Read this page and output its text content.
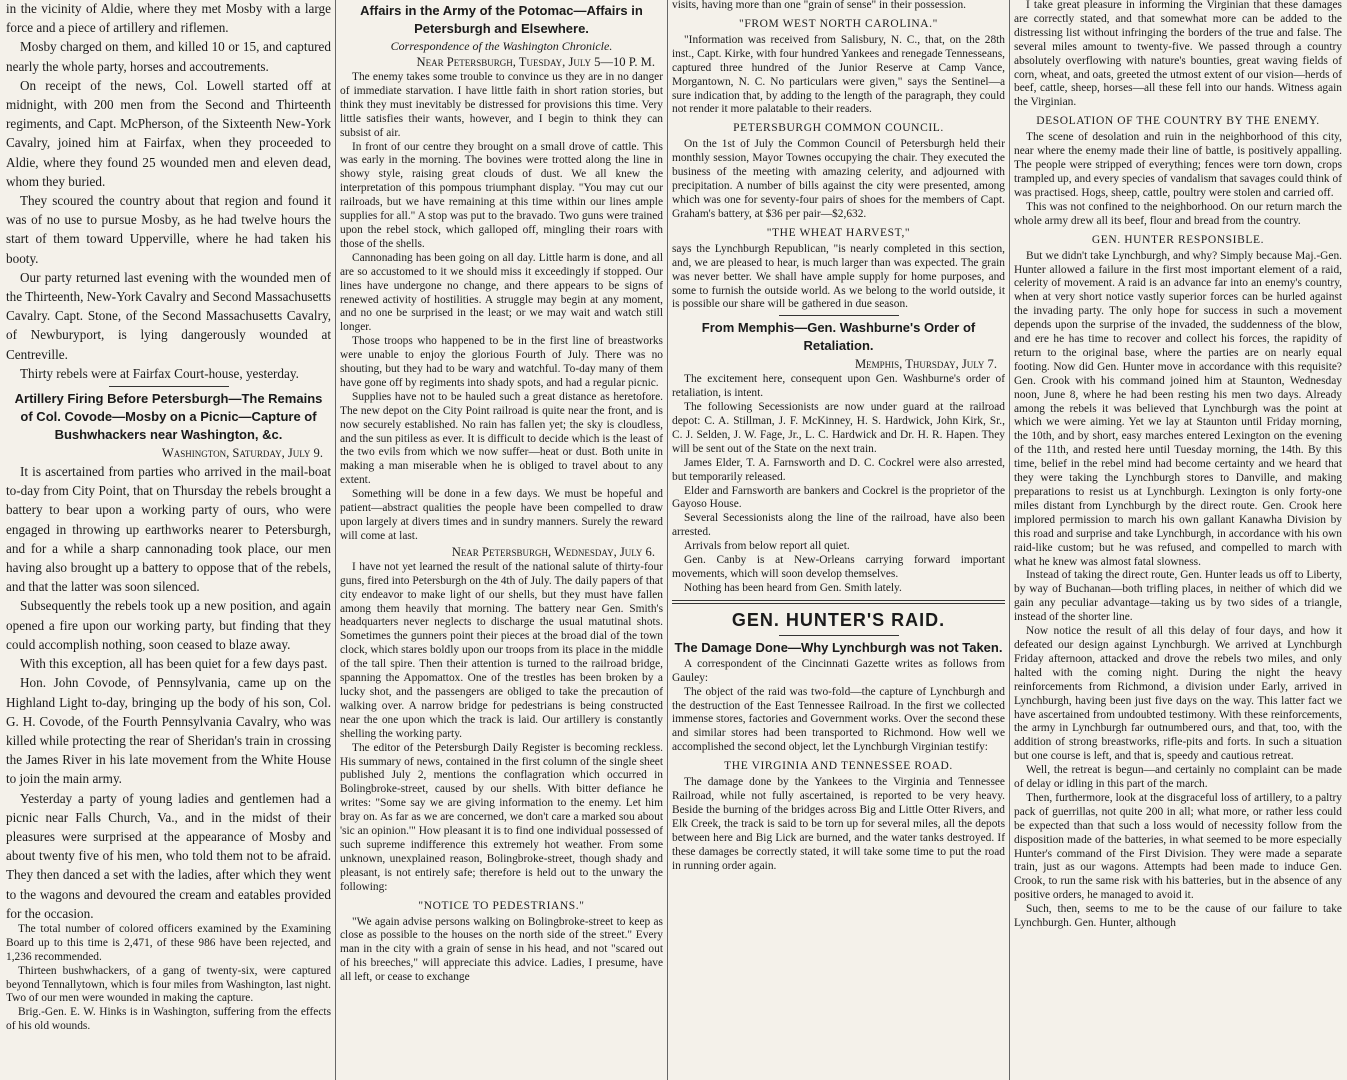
in the vicinity of Aldie, where they met Mosby with a large force and a piece of artillery and riflemen.

Mosby charged on them, and killed 10 or 15, and captured nearly the whole party, horses and accoutrements.

On receipt of the news, Col. Lowell started off at midnight, with 200 men from the Second and Thirteenth regiments, and Capt. McPherson, of the Sixteenth New-York Cavalry, joined him at Fairfax, when they proceeded to Aldie, where they found 25 wounded men and eleven dead, whom they buried.

They scoured the country about that region and found it was of no use to pursue Mosby, as he had twelve hours the start of them toward Upperville, where he had taken his booty.

Our party returned last evening with the wounded men of the Thirteenth, New-York Cavalry and Second Massachusetts Cavalry. Capt. Stone, of the Second Massachusetts Cavalry, of Newburyport, is lying dangerously wounded at Centreville.

Thirty rebels were at Fairfax Court-house, yesterday.

Artillery Firing Before Petersburgh—The Remains of Col. Covode—Mosby on a Picnic—Capture of Bushwhackers near Washington, &c.
Washington, Saturday, July 9.

It is ascertained from parties who arrived in the mail-boat to-day from City Point, that on Thursday the rebels brought a battery to bear upon a working party of ours, who were engaged in throwing up earthworks nearer to Petersburgh, and for a while a sharp cannonading took place, our men having also brought up a battery to oppose that of the rebels, and that the latter was soon silenced.

Subsequently the rebels took up a new position, and again opened a fire upon our working party, but finding that they could accomplish nothing, soon ceased to blaze away.

With this exception, all has been quiet for a few days past.

Hon. John Covode, of Pennsylvania, came up on the Highland Light to-day, bringing up the body of his son, Col. G. H. Covode, of the Fourth Pennsylvania Cavalry, who was killed while protecting the rear of Sheridan's train in crossing the James River in his late movement from the White House to join the main army.

Yesterday a party of young ladies and gentlemen had a picnic near Falls Church, Va., and in the midst of their pleasures were surprised at the appearance of Mosby and about twenty five of his men, who told them not to be afraid. They then danced a set with the ladies, after which they went to the wagons and devoured the cream and eatables provided for the occasion.

The total number of colored officers examined by the Examining Board up to this time is 2,471, of these 986 have been rejected, and 1,236 recommended.

Thirteen bushwhackers, of a gang of twenty-six, were captured beyond Tennallytown, which is four miles from Washington, last night. Two of our men were wounded in making the capture.

Brig.-Gen. E. W. Hinks is in Washington, suffering from the effects of his old wounds.

Affairs in the Army of the Potomac—Affairs in Petersburgh and Elsewhere.
Correspondence of the Washington Chronicle.
Near Petersburgh, Tuesday, July 5—10 P. M.

The enemy takes some trouble to convince us they are in no danger of immediate starvation. I have little faith in short ration stories, but think they must inevitably be distressed for provisions this time. Very little satisfies their wants, however, and I begin to think they can subsist of air.

In front of our centre they brought on a small drove of cattle. This was early in the morning. The bovines were trotted along the line in showy style, raising great clouds of dust. We all knew the interpretation of this pompous triumphant display. "You may cut our railroads, but we have remaining at this time within our lines ample supplies for all." A stop was put to the bravado. Two guns were trained upon the rebel stock, which galloped off, mingling their roars with those of the shells.

Cannonading has been going on all day. Little harm is done, and all are so accustomed to it we should miss it exceedingly if stopped. Our lines have undergone no change, and there appears to be signs of renewed activity of hostilities. A struggle may begin at any moment, and no one be surprised in the least; or we may wait and watch still longer.

Those troops who happened to be in the first line of breastworks were unable to enjoy the glorious Fourth of July. There was no shouting, but they had to be wary and watchful. To-day many of them have gone off by regiments into shady spots, and had a regular picnic.

Supplies have not to be hauled such a great distance as heretofore. The new depot on the City Point railroad is quite near the front, and is now securely established. No rain has fallen yet; the sky is cloudless, and the sun pitiless as ever. It is difficult to decide which is the least of the two evils from which we now suffer—heat or dust. Both unite in making a man miserable when he is obliged to travel about to any extent.

Something will be done in a few days. We must be hopeful and patient—abstract qualities the people have been compelled to draw upon largely at divers times and in sundry manners. Surely the reward will come at last.

Near Petersburgh, Wednesday, July 6.

I have not yet learned the result of the national salute of thirty-four guns, fired into Petersburgh on the 4th of July. The daily papers of that city endeavor to make light of our shells, but they must have fallen among them heavily that morning. The battery near Gen. Smith's headquarters never neglects to discharge the usual matutinal shots. Sometimes the gunners point their pieces at the broad dial of the town clock, which stares boldly upon our troops from its place in the middle of the tall spire. Then their attention is turned to the railroad bridge, spanning the Appomattox. One of the trestles has been broken by a lucky shot, and the passengers are obliged to take the precaution of walking over. A narrow bridge for pedestrians is being constructed near the one upon which the track is laid. Our artillery is constantly shelling the working party.

The editor of the Petersburgh Daily Register is becoming reckless. His summary of news, contained in the first column of the single sheet published July 2, mentions the conflagration which occurred in Bolingbroke-street, caused by our shells. With bitter defiance he writes: "Some say we are giving information to the enemy. Let him bray on. As far as we are concerned, we don't care a marked sou about 'sic an opinion.'" How pleasant it is to find one individual possessed of such supreme indifference this extremely hot weather. From some unknown, unexplained reason, Bolingbroke-street, though shady and pleasant, is not entirely safe; therefore is held out to the unwary the following:

"NOTICE TO PEDESTRIANS."

"We again advise persons walking on Bolingbroke-street to keep as close as possible to the houses on the north side of the street." Every man in the city with a grain of sense in his head, and not "scared out of his breeches," will appreciate this advice. Ladies, I presume, have all left, or cease to exchange

visits, having more than one "grain of sense" in their possession.

"FROM WEST NORTH CAROLINA."

"Information was received from Salisbury, N. C., that, on the 28th inst., Capt. Kirke, with four hundred Yankees and renegade Tennesseans, captured three hundred of the Junior Reserve at Camp Vance, Morgantown, N. C. No particulars were given," says the Sentinel—a sure indication that, by adding to the length of the paragraph, they could not render it more palatable to their readers.

PETERSBURGH COMMON COUNCIL.

On the 1st of July the Common Council of Petersburgh held their monthly session, Mayor Townes occupying the chair. They executed the business of the meeting with amazing celerity, and adjourned with precipitation. A number of bills against the city were presented, among which was one for seventy-four pairs of shoes for the members of Capt. Graham's battery, at $36 per pair—$2,632.

"THE WHEAT HARVEST,"

says the Lynchburgh Republican, "is nearly completed in this section, and, we are pleased to hear, is much larger than was expected. The grain was never better. We shall have ample supply for home purposes, and some to furnish the outside world. As we belong to the world outside, it is possible our share will be gathered in due season.

From Memphis—Gen. Washburne's Order of Retaliation.
Memphis, Thursday, July 7.

The excitement here, consequent upon Gen. Washburne's order of retaliation, is intent.

The following Secessionists are now under guard at the railroad depot: C. A. Stillman, J. F. McKinney, H. S. Hardwick, John Kirk, Sr., C. J. Selden, J. W. Fage, Jr., L. C. Hardwick and Dr. H. R. Hapen. They will be sent out of the State on the next train.

James Elder, T. A. Farnsworth and D. C. Cockrel were also arrested, but temporarily released.

Elder and Farnsworth are bankers and Cockrel is the proprietor of the Gayoso House.

Several Secessionists along the line of the railroad, have also been arrested.

Arrivals from below report all quiet.

Gen. Canby is at New-Orleans carrying forward important movements, which will soon develop themselves.

Nothing has been heard from Gen. Smith lately.

GEN. HUNTER'S RAID.
The Damage Done—Why Lynchburgh was not Taken.

A correspondent of the Cincinnati Gazette writes as follows from Gauley:

The object of the raid was two-fold—the capture of Lynchburgh and the destruction of the East Tennessee Railroad. In the first we collected immense stores, factories and Government works. Over the second these and similar stores had been transported to Richmond. How well we accomplished the second object, let the Lynchburgh Virginian testify:

THE VIRGINIA AND TENNESSEE ROAD.

The damage done by the Yankees to the Virginia and Tennessee Railroad, while not fully ascertained, is reported to be very heavy. Beside the burning of the bridges across Big and Little Otter Rivers, and Elk Creek, the track is said to be torn up for several miles, all the depots between here and Big Lick are burned, and the water tanks destroyed. If these damages be correctly stated, it will take some time to put the road in running order again.

I take great pleasure in informing the Virginian that these damages are correctly stated, and that somewhat more can be added to the distressing list without infringing the borders of the true and false. The several miles amount to twenty-five. We passed through a country absolutely overflowing with nature's bounties, great waving fields of corn, wheat, and oats, greeted the utmost extent of our vision—herds of beef, cattle, sheep, horses—all these fell into our hands. Witness again the Virginian.

DESOLATION OF THE COUNTRY BY THE ENEMY.

The scene of desolation and ruin in the neighborhood of this city, near where the enemy made their line of battle, is positively appalling. The people were stripped of everything; fences were torn down, crops trampled up, and every species of vandalism that savages could think of was practised. Hogs, sheep, cattle, poultry were stolen and carried off.

This was not confined to the neighborhood. On our return march the whole army drew all its beef, flour and bread from the country.

GEN. HUNTER RESPONSIBLE.

But we didn't take Lynchburgh, and why? Simply because Maj.-Gen. Hunter allowed a failure in the first most important element of a raid, celerity of movement. A raid is an advance far into an enemy's country, when at very short notice vastly superior forces can be hurled against the invading party. The only hope for success in such a movement depends upon the surprise of the invaded, the suddenness of the blow, and ere he has time to recover and collect his forces, the rapidity of return to the original base, where the parties are on nearly equal footing. Now did Gen. Hunter move in accordance with this requisite? Gen. Crook with his command joined him at Staunton, Wednesday noon, June 8, where he had been resting his men two days. Already among the rebels it was believed that Lynchburgh was the point at which we were aiming. Yet we lay at Staunton until Friday morning, the 10th, and by short, easy marches entered Lexington on the evening of the 11th, and rested here until Tuesday morning, the 14th. By this time, belief in the rebel mind had become certainty and we heard that they were taking the Lynchburgh stores to Danville, and making preparations to resist us at Lynchburgh. Lexington is only forty-one miles distant from Lynchburgh by the direct route. Gen. Crook here implored permission to march his own gallant Kanawha Division by this road and surprise and take Lynchburgh, in accordance with his own raid-like custom; but he was refused, and compelled to march with what he knew was almost fatal slowness.

Instead of taking the direct route, Gen. Hunter leads us off to Liberty, by way of Buchanan—both trifling places, in neither of which did we gain any peculiar advantage—taking us by two sides of a triangle, instead of the shorter line.

Now notice the result of all this delay of four days, and how it defeated our design against Lynchburgh. We arrived at Lynchburgh Friday afternoon, attacked and drove the rebels two miles, and only halted with the coming night. During the night the heavy reinforcements from Richmond, a division under Early, arrived in Lynchburgh, having been just five days on the way. This latter fact we have ascertained from undoubted testimony. With these reinforcements, the army in Lynchburgh far outnumbered ours, and that, too, with the addition of strong breastworks, rifle-pits and forts. In such a situation but one course is left, and that is, speedy and cautious retreat.

Well, the retreat is begun—and certainly no complaint can be made of delay or idling in this part of the march.

Then, furthermore, look at the disgraceful loss of artillery, to a paltry pack of guerrillas, not quite 200 in all; what more, or rather less could be expected than that such a loss would of necessity follow from the disposition made of the batteries, in what seemed to be more especially Hunter's command of the First Division. They were made a separate train, just as our wagons. Attempts had been made to induce Gen. Crook, to run the same risk with his batteries, but in the absence of any positive orders, he managed to avoid it.

Such, then, seems to me to be the cause of our failure to take Lynchburgh. Gen. Hunter, although
